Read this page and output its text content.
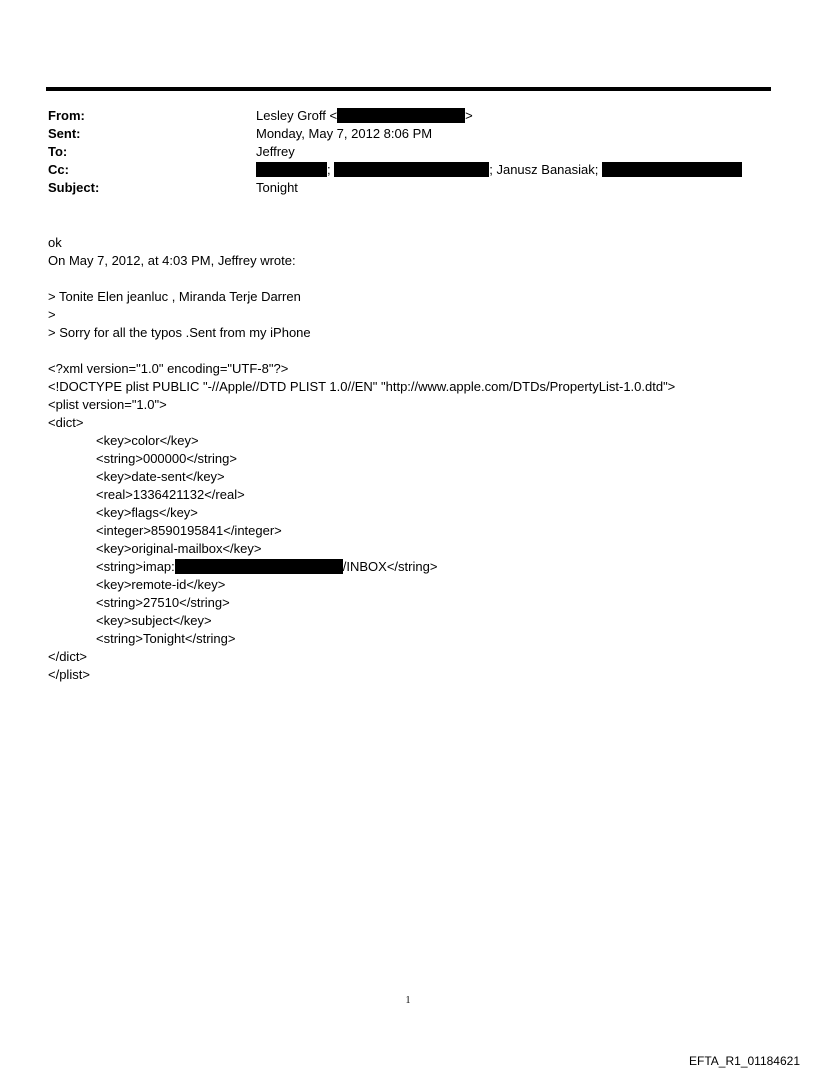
From:	Lesley Groff <	>
Sent:	Monday, May 7, 2012 8:06 PM
To:	Jeffrey
Cc:	;	; Janusz Banasiak;
Subject:	Tonight
ok
On May 7, 2012, at 4:03 PM, Jeffrey wrote:
> Tonite Elen jeanluc , Miranda Terje Darren
>
> Sorry for all the typos .Sent from my iPhone
<?xml version="1.0" encoding="UTF-8"?>
<!DOCTYPE plist PUBLIC "-//Apple//DTD PLIST 1.0//EN" "http://www.apple.com/DTDs/PropertyList-1.0.dtd">
<plist version="1.0">
<dict>
<key>color</key>
<string>000000</string>
<key>date-sent</key>
<real>1336421132</real>
<key>flags</key>
<integer>8590195841</integer>
<key>original-mailbox</key>
<string>imap:	/INBOX</string>
<key>remote-id</key>
<string>27510</string>
<key>subject</key>
<string>Tonight</string>
</dict>
</plist>
1
EFTA_R1_01184621
